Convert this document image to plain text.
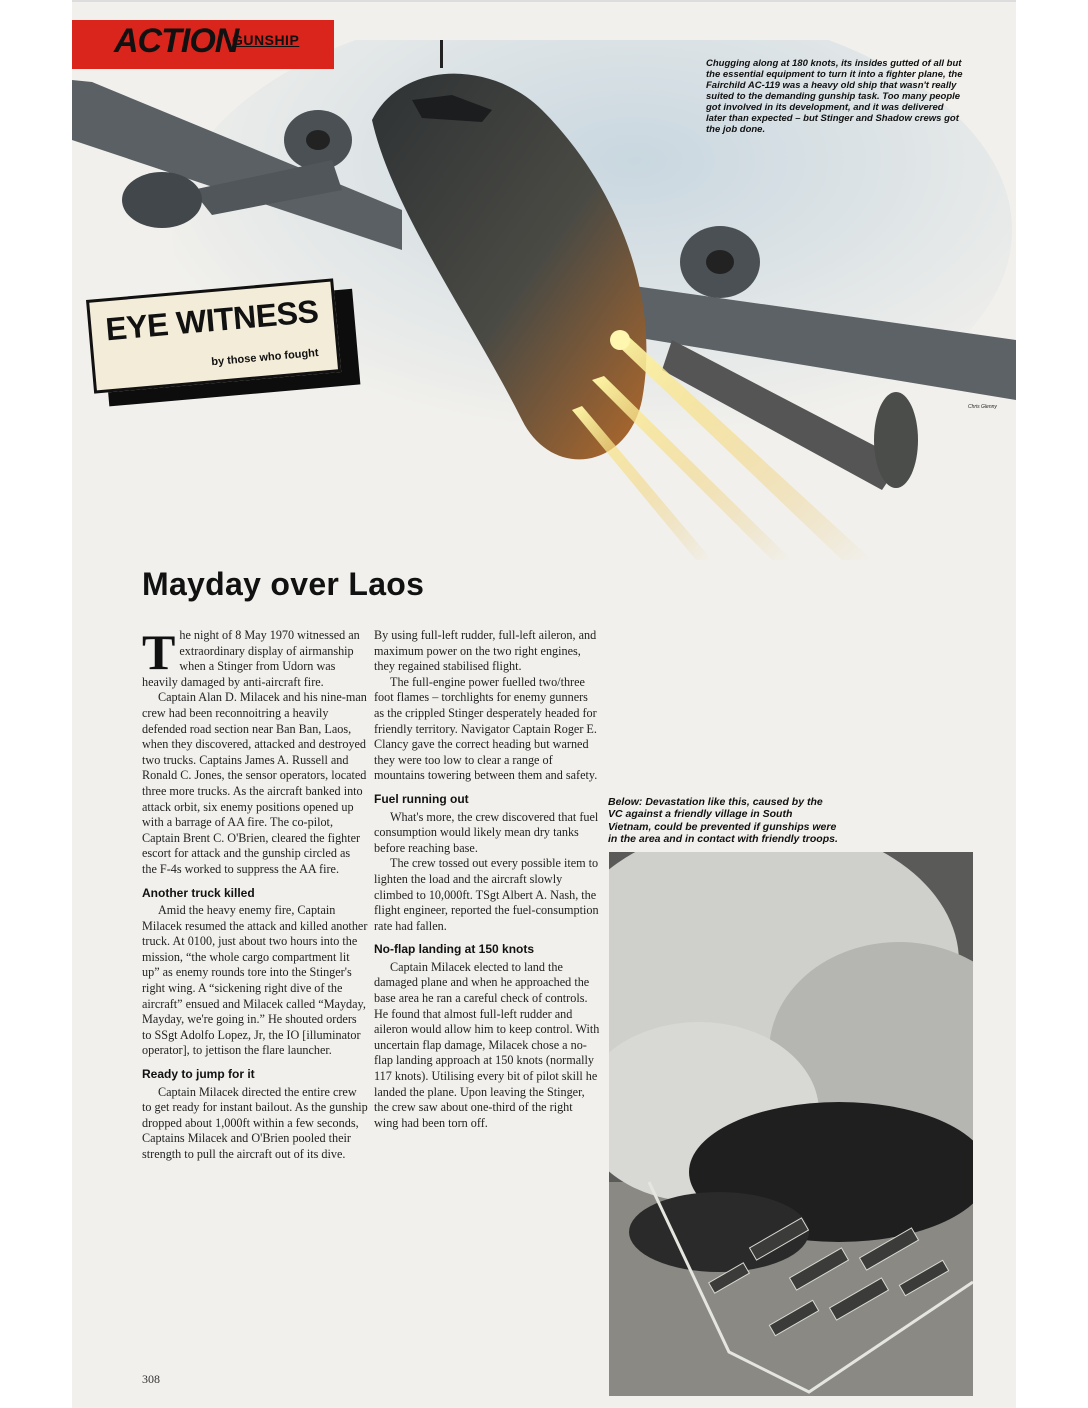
ACTION
GUNSHIP
Chugging along at 180 knots, its insides gutted of all but the essential equipment to turn it into a fighter plane, the Fairchild AC-119 was a heavy old ship that wasn't really suited to the demanding gunship task. Too many people got involved in its development, and it was delivered later than expected – but Stinger and Shadow crews got the job done.
Chris Glenny
EYE WITNESS
by those who fought
Mayday over Laos

The night of 8 May 1970 witnessed an extraordinary display of airmanship when a Stinger from Udorn was heavily damaged by anti-aircraft fire.

Captain Alan D. Milacek and his nine-man crew had been reconnoitring a heavily defended road section near Ban Ban, Laos, when they discovered, attacked and destroyed two trucks. Captains James A. Russell and Ronald C. Jones, the sensor operators, located three more trucks. As the aircraft banked into attack orbit, six enemy positions opened up with a barrage of AA fire. The co-pilot, Captain Brent C. O'Brien, cleared the fighter escort for attack and the gunship circled as the F-4s worked to suppress the AA fire.

Another truck killed

Amid the heavy enemy fire, Captain Milacek resumed the attack and killed another truck. At 0100, just about two hours into the mission, “the whole cargo compartment lit up” as enemy rounds tore into the Stinger's right wing. A “sickening right dive of the aircraft” ensued and Milacek called “Mayday, Mayday, we're going in.” He shouted orders to SSgt Adolfo Lopez, Jr, the IO [illuminator operator], to jettison the flare launcher.

Ready to jump for it

Captain Milacek directed the entire crew to get ready for instant bailout. As the gunship dropped about 1,000ft within a few seconds, Captains Milacek and O'Brien pooled their strength to pull the aircraft out of its dive.

By using full-left rudder, full-left aileron, and maximum power on the two right engines, they regained stabilised flight.

The full-engine power fuelled two/three foot flames – torchlights for enemy gunners as the crippled Stinger desperately headed for friendly territory. Navigator Captain Roger E. Clancy gave the correct heading but warned they were too low to clear a range of mountains towering between them and safety.

Fuel running out

What's more, the crew discovered that fuel consumption would likely mean dry tanks before reaching base.

The crew tossed out every possible item to lighten the load and the aircraft slowly climbed to 10,000ft. TSgt Albert A. Nash, the flight engineer, reported the fuel-consumption rate had fallen.

No-flap landing at 150 knots

Captain Milacek elected to land the damaged plane and when he approached the base area he ran a careful check of controls. He found that almost full-left rudder and aileron would allow him to keep control. With uncertain flap damage, Milacek chose a no-flap landing approach at 150 knots (normally 117 knots). Utilising every bit of pilot skill he landed the plane. Upon leaving the Stinger, the crew saw about one-third of the right wing had been torn off.

Below: Devastation like this, caused by the VC against a friendly village in South Vietnam, could be prevented if gunships were in the area and in contact with friendly troops.
308
